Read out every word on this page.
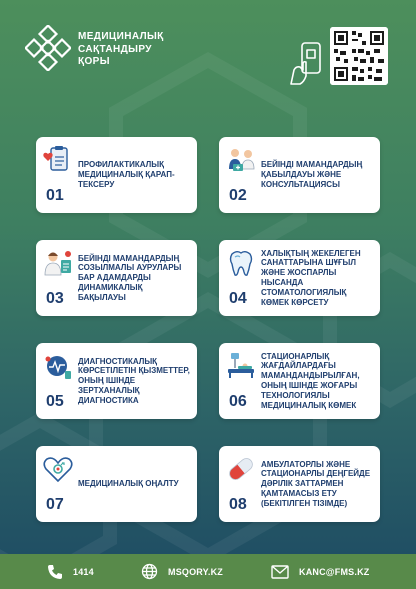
МЕДИЦИНАЛЫҚ
САҚТАНДЫРУ
ҚОРЫ
ПРОФИЛАКТИКАЛЫҚ
МЕДИЦИНАЛЫҚ ҚАРАП-
ТЕКСЕРУ
01
БЕЙІНДІ МАМАНДАРДЫҢ
ҚАБЫЛДАУЫ ЖӘНЕ
КОНСУЛЬТАЦИЯСЫ
02
БЕЙІНДІ МАМАНДАРДЫҢ
СОЗЫЛМАЛЫ АУРУЛАРЫ
БАР АДАМДАРДЫ
ДИНАМИКАЛЫҚ
БАҚЫЛАУЫ
03
ХАЛЫҚТЫҢ ЖЕКЕЛЕГЕН
САНАТТАРЫНА ШҰҒЫЛ
ЖӘНЕ ЖОСПАРЛЫ
НЫСАНДА
СТОМАТОЛОГИЯЛЫҚ
КӨМЕК КӨРСЕТУ
04
ДИАГНОСТИКАЛЫҚ
КӨРСЕТІЛЕТІН ҚЫЗМЕТТЕР,
ОНЫҢ ІШІНДЕ
ЗЕРТХАНАЛЫҚ
ДИАГНОСТИКА
05
СТАЦИОНАРЛЫҚ
ЖАҒДАЙЛАРДАҒЫ
МАМАНДАНДЫРЫЛҒАН,
ОНЫҢ ІШІНДЕ ЖОҒАРЫ
ТЕХНОЛОГИЯЛЫ
МЕДИЦИНАЛЫҚ КӨМЕК
06
МЕДИЦИНАЛЫҚ ОҢАЛТУ
07
АМБУЛАТОРЛЫ ЖӘНЕ
СТАЦИОНАРЛЫ ДЕҢГЕЙДЕ
ДӘРІЛІК ЗАТТАРМЕН
ҚАМТАМАСЫЗ ЕТУ
(БЕКІТІЛГЕН ТІЗІМДЕ)
08
1414	MSQORY.KZ	KANC@FMS.KZ
